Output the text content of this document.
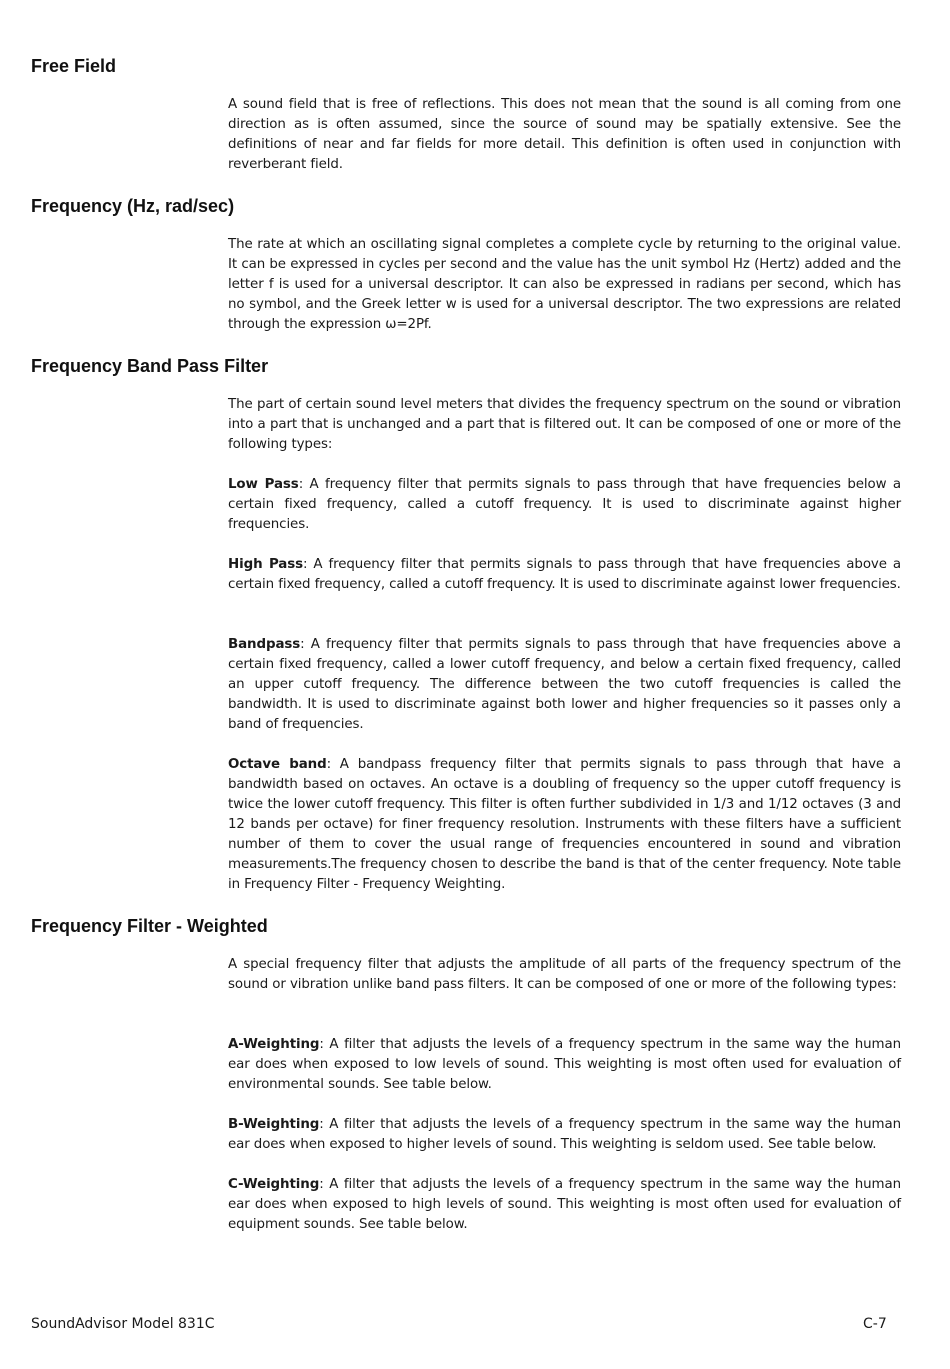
Free Field

A sound field that is free of reflections. This does not mean that the sound is all coming from one direction as is often assumed, since the source of sound may be spatially extensive. See the definitions of near and far fields for more detail. This definition is often used in conjunction with reverberant field.

Frequency (Hz, rad/sec)

The rate at which an oscillating signal completes a complete cycle by returning to the original value. It can be expressed in cycles per second and the value has the unit symbol Hz (Hertz) added and the letter f is used for a universal descriptor. It can also be expressed in radians per second, which has no symbol, and the Greek letter w is used for a universal descriptor. The two expressions are related through the expression ω=2Pf.

Frequency Band Pass Filter

The part of certain sound level meters that divides the frequency spectrum on the sound or vibration into a part that is unchanged and a part that is filtered out. It can be composed of one or more of the following types:

Low Pass: A frequency filter that permits signals to pass through that have frequencies below a certain fixed frequency, called a cutoff frequency. It is used to discriminate against higher frequencies.

High Pass: A frequency filter that permits signals to pass through that have frequencies above a certain fixed frequency, called a cutoff frequency. It is used to discriminate against lower frequencies.

Bandpass: A frequency filter that permits signals to pass through that have frequencies above a certain fixed frequency, called a lower cutoff frequency, and below a certain fixed frequency, called an upper cutoff frequency. The difference between the two cutoff frequencies is called the bandwidth. It is used to discriminate against both lower and higher frequencies so it passes only a band of frequencies.

Octave band: A bandpass frequency filter that permits signals to pass through that have a bandwidth based on octaves. An octave is a doubling of frequency so the upper cutoff frequency is twice the lower cutoff frequency. This filter is often further subdivided in 1/3 and 1/12 octaves (3 and 12 bands per octave) for finer frequency resolution. Instruments with these filters have a sufficient number of them to cover the usual range of frequencies encountered in sound and vibration measurements.The frequency chosen to describe the band is that of the center frequency. Note table in Frequency Filter - Frequency Weighting.

Frequency Filter - Weighted

A special frequency filter that adjusts the amplitude of all parts of the frequency spectrum of the sound or vibration unlike band pass filters. It can be composed of one or more of the following types:

A-Weighting: A filter that adjusts the levels of a frequency spectrum in the same way the human ear does when exposed to low levels of sound. This weighting is most often used for evaluation of environmental sounds. See table below.

B-Weighting: A filter that adjusts the levels of a frequency spectrum in the same way the human ear does when exposed to higher levels of sound. This weighting is seldom used. See table below.

C-Weighting: A filter that adjusts the levels of a frequency spectrum in the same way the human ear does when exposed to high levels of sound. This weighting is most often used for evaluation of equipment sounds. See table below.

SoundAdvisor Model 831C	C-7
